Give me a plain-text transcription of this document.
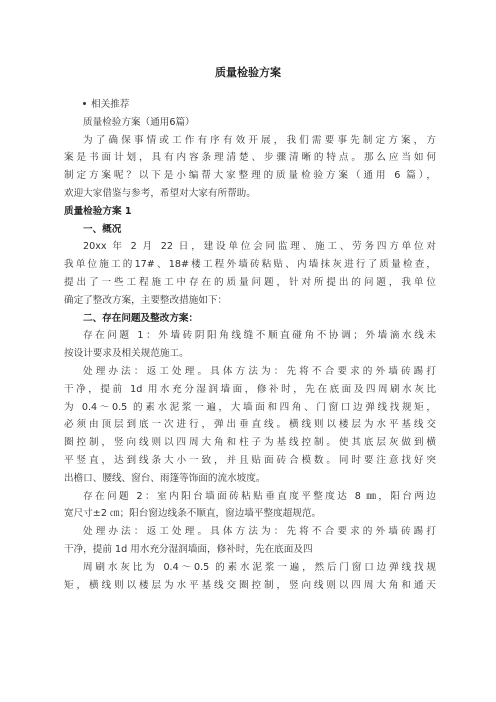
质量检验方案
相关推荐
质量检验方案（通用6篇）
为了确保事情或工作有序有效开展，我们需要事先制定方案，方
案是书面计划，具有内容条理清楚、步骤清晰的特点。那么应当如何
制定方案呢？以下是小编帮大家整理的质量检验方案（通用 6 篇），
欢迎大家借鉴与参考，希望对大家有所帮助。
质量检验方案 1
一、概况
20xx 年 2 月 22 日，建设单位会同监理、施工、劳务四方单位对
我单位施工的17#、18#楼工程外墙砖粘贴、内墙抹灰进行了质量检查，
提出了一些工程施工中存在的质量问题，针对所提出的问题，我单位
确定了整改方案，主要整改措施如下：
二、存在问题及整改方案：
存在问题 1：外墙砖阴阳角线缝不顺直碰角不协调；外墙滴水线未
按设计要求及相关规范施工。
处理办法：返工处理。具体方法为：先将不合要求的外墙砖踢打
干净，提前 1d 用水充分湿润墙面，修补时，先在底面及四周刷水灰比
为 0.4～0.5 的素水泥浆一遍，大墙面和四角、门窗口边弹线找规矩，
必须由顶层到底一次进行，弹出垂直线。横线则以楼层为水平基线交
圈控制，竖向线则以四周大角和柱子为基线控制。使其底层灰做到横
平竖直，达到线条大小一致，并且贴面砖合模数。同时要注意找好突
出檐口、腰线、窗台、雨篷等饰面的流水坡度。
存在问题 2：室内阳台墙面砖粘贴垂直度平整度达 8 ㎜，阳台两边
宽尺寸±2 ㎝；阳台窗边线条不顺直，窗边墙平整度超规范。
处理办法：返工处理。具体方法为：先将不合要求的外墙砖踢打
干净，提前 1d 用水充分湿润墙面，修补时，先在底面及四
周刷水灰比为 0.4～0.5 的素水泥浆一遍，然后门窗口边弹线找规
矩，横线则以楼层为水平基线交圈控制，竖向线则以四周大角和通天
